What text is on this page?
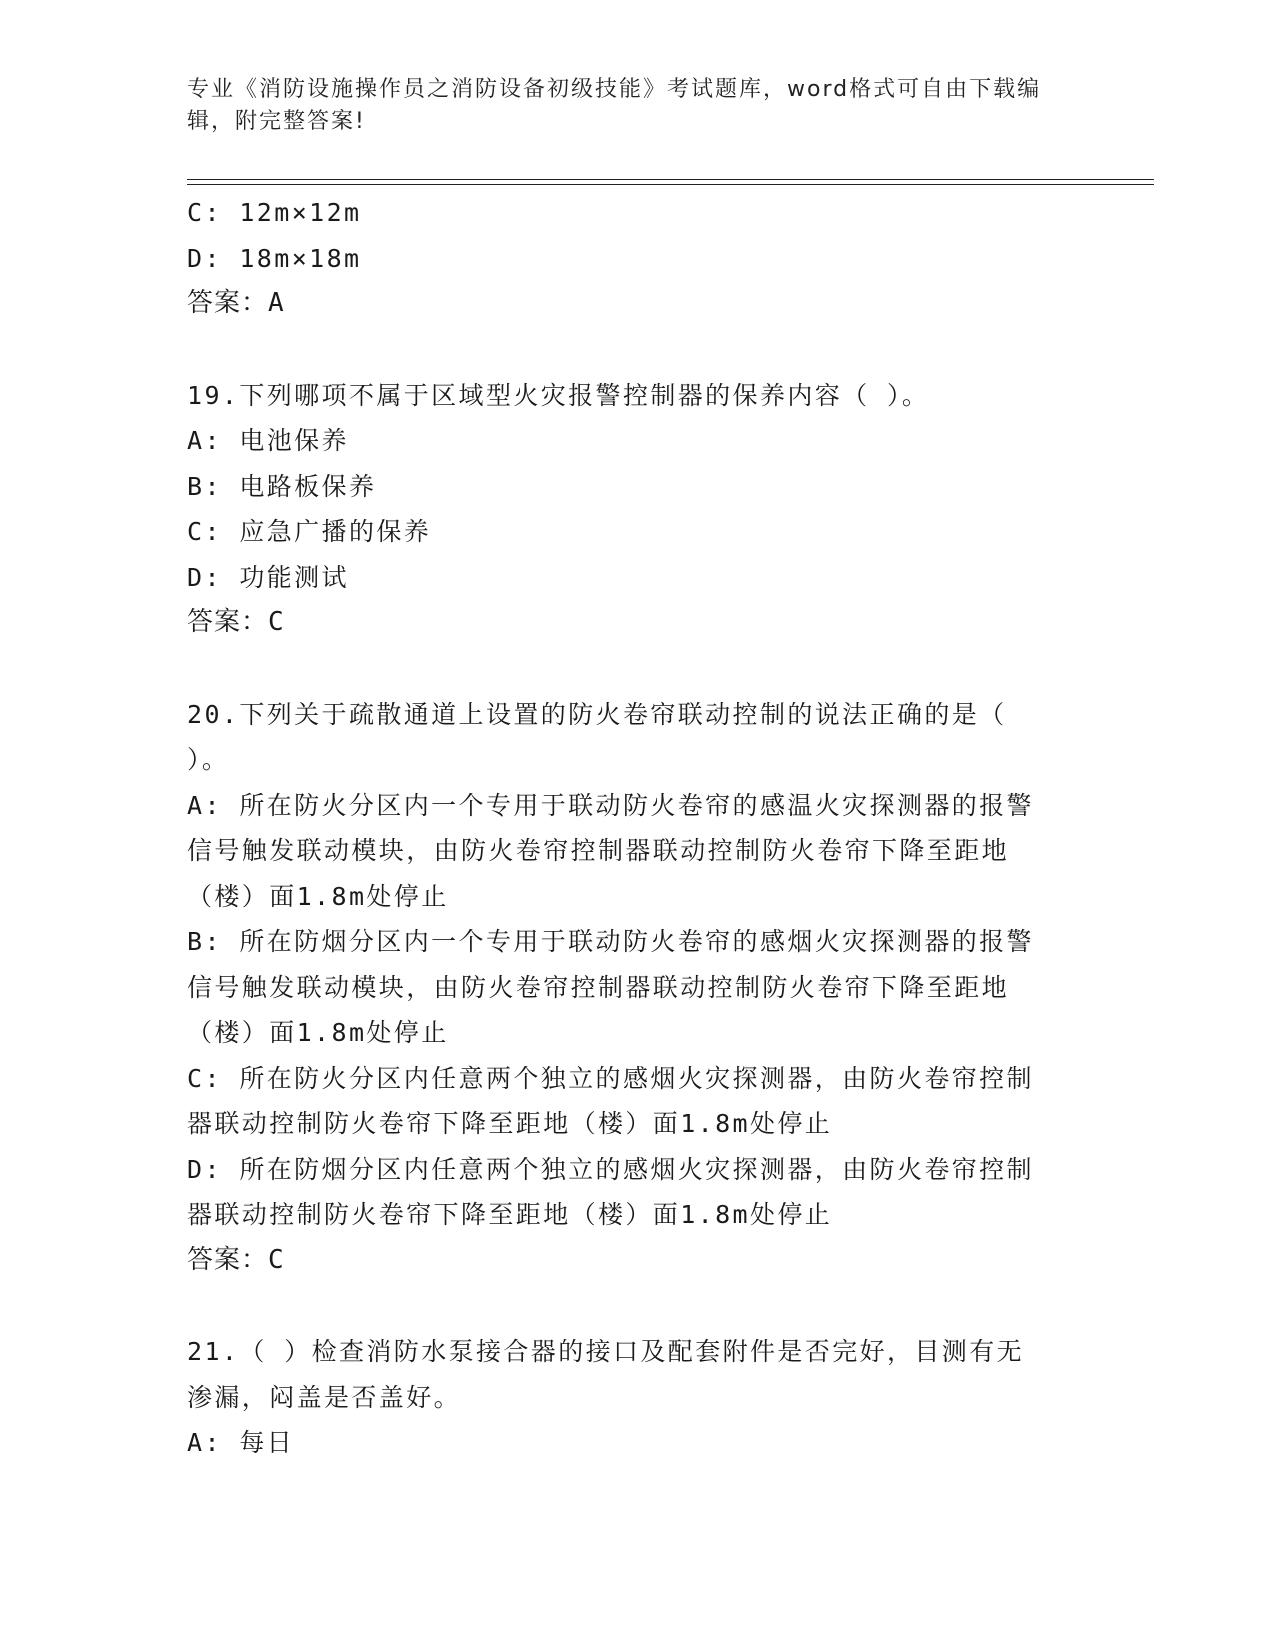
专业《消防设施操作员之消防设备初级技能》考试题库，word格式可自由下载编
辑，附完整答案!
C: 12m×12m
D: 18m×18m
答案：A
19.下列哪项不属于区域型火灾报警控制器的保养内容（ ）。
A: 电池保养
B: 电路板保养
C: 应急广播的保养
D: 功能测试
答案：C
20.下列关于疏散通道上设置的防火卷帘联动控制的说法正确的是（
）。
A: 所在防火分区内一个专用于联动防火卷帘的感温火灾探测器的报警
信号触发联动模块，由防火卷帘控制器联动控制防火卷帘下降至距地
（楼）面1.8m处停止
B: 所在防烟分区内一个专用于联动防火卷帘的感烟火灾探测器的报警
信号触发联动模块，由防火卷帘控制器联动控制防火卷帘下降至距地
（楼）面1.8m处停止
C: 所在防火分区内任意两个独立的感烟火灾探测器，由防火卷帘控制
器联动控制防火卷帘下降至距地（楼）面1.8m处停止
D: 所在防烟分区内任意两个独立的感烟火灾探测器，由防火卷帘控制
器联动控制防火卷帘下降至距地（楼）面1.8m处停止
答案：C
21.（ ）检查消防水泵接合器的接口及配套附件是否完好，目测有无
渗漏，闷盖是否盖好。
A: 每日
